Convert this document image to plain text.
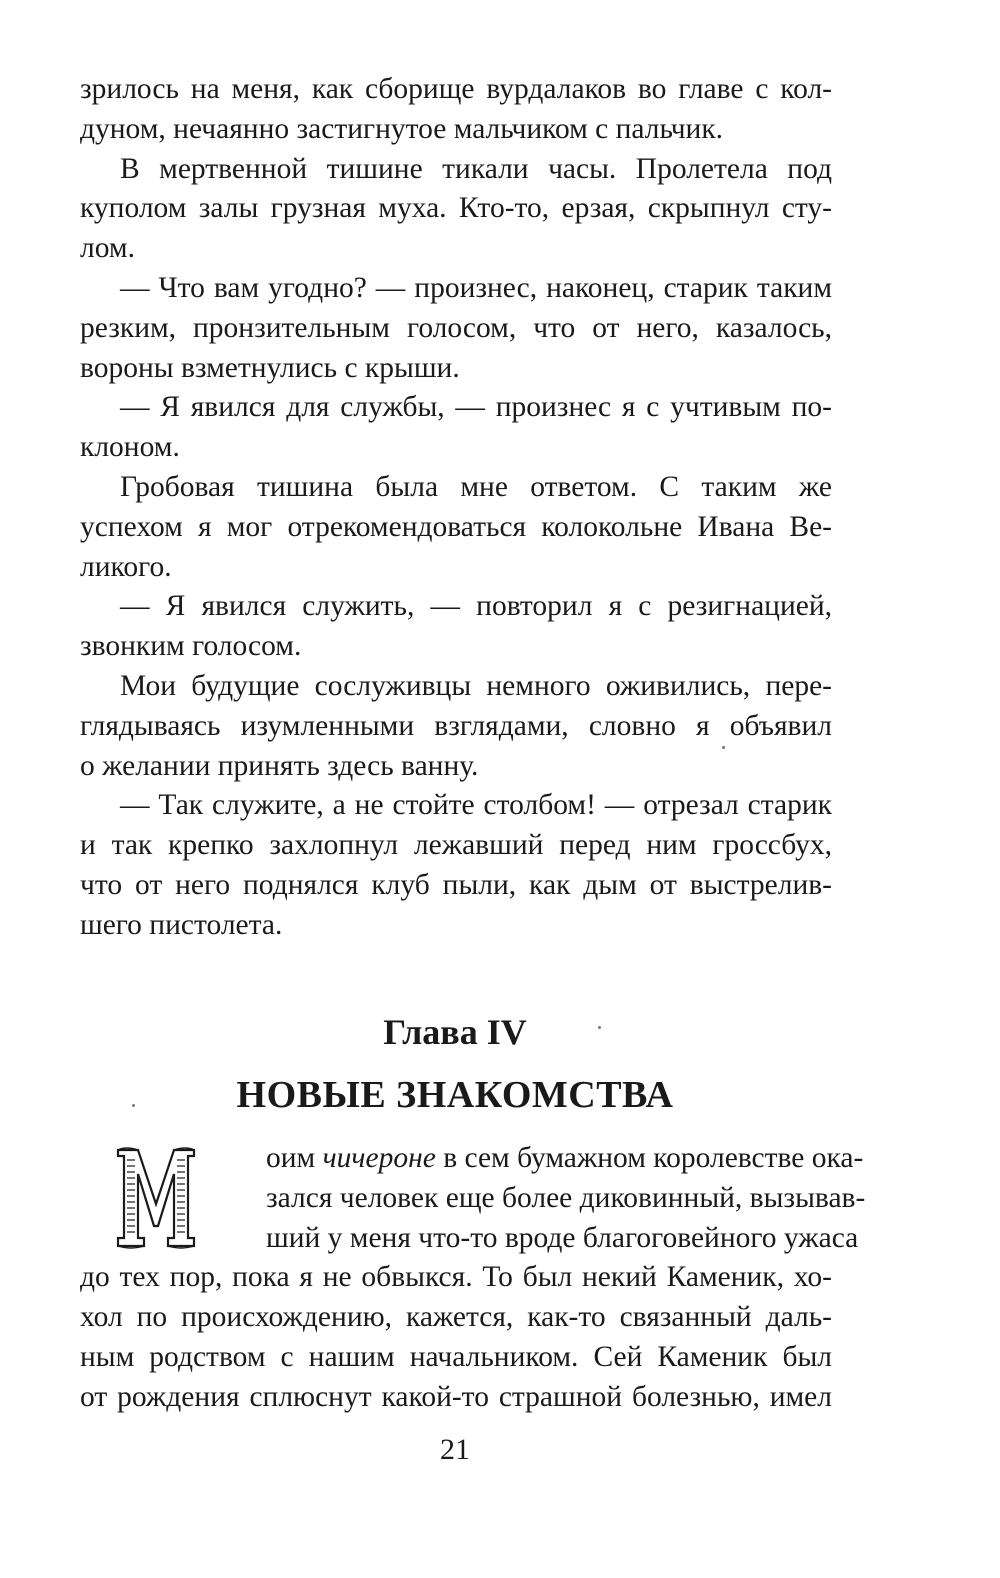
зрилось на меня, как сборище вурдалаков во главе с кол-
дуном, нечаянно застигнутое мальчиком с пальчик.
В мертвенной тишине тикали часы. Пролетела под
куполом залы грузная муха. Кто-то, ерзая, скрыпнул сту-
лом.
— Что вам угодно? — произнес, наконец, старик таким
резким, пронзительным голосом, что от него, казалось,
вороны взметнулись с крыши.
— Я явился для службы, — произнес я с учтивым по-
клоном.
Гробовая тишина была мне ответом. С таким же
успехом я мог отрекомендоваться колокольне Ивана Ве-
ликого.
— Я явился служить, — повторил я с резигнацией,
звонким голосом.
Мои будущие сослуживцы немного оживились, пере-
глядываясь изумленными взглядами, словно я объявил
о желании принять здесь ванну.
— Так служите, а не стойте столбом! — отрезал старик
и так крепко захлопнул лежавший перед ним гроссбух,
что от него поднялся клуб пыли, как дым от выстрелив-
шего пистолета.
Глава IV
НОВЫЕ ЗНАКОМСТВА
оим чичероне в сем бумажном королевстве ока-
зался человек еще более диковинный, вызывав-
ший у меня что-то вроде благоговейного ужаса
до тех пор, пока я не обвыкся. То был некий Каменик, хо-
хол по происхождению, кажется, как-то связанный даль-
ным родством с нашим начальником. Сей Каменик был
от рождения сплюснут какой-то страшной болезнью, имел
21
